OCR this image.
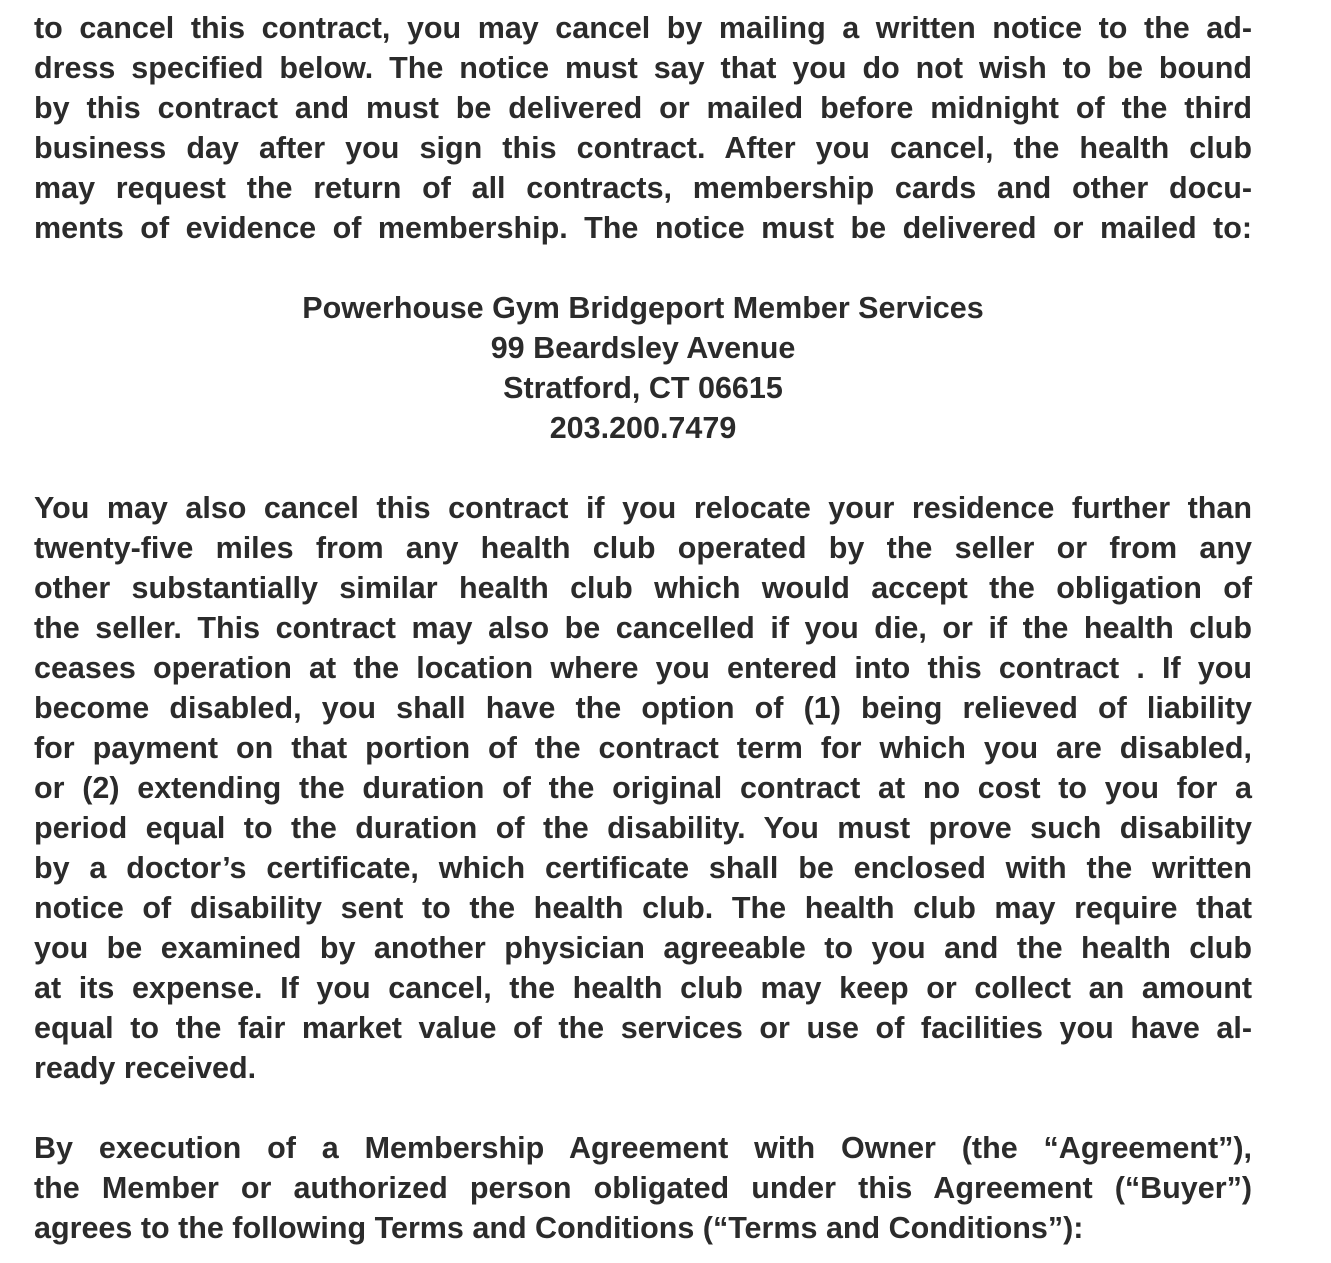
to cancel this contract, you may cancel by mailing a written notice to the ad-
dress specified below. The notice must say that you do not wish to be bound
by this contract and must be delivered or mailed before midnight of the third
business day after you sign this contract. After you cancel, the health club
may request the return of all contracts, membership cards and other docu-
ments of evidence of membership. The notice must be delivered or mailed to:
Powerhouse Gym Bridgeport Member Services
99 Beardsley Avenue
Stratford, CT 06615
203.200.7479
You may also cancel this contract if you relocate your residence further than
twenty-five miles from any health club operated by the seller or from any
other substantially similar health club which would accept the obligation of
the seller. This contract may also be cancelled if you die, or if the health club
ceases operation at the location where you entered into this contract . If you
become disabled, you shall have the option of (1) being relieved of liability
for payment on that portion of the contract term for which you are disabled,
or (2) extending the duration of the original contract at no cost to you for a
period equal to the duration of the disability. You must prove such disability
by a doctor’s certificate, which certificate shall be enclosed with the written
notice of disability sent to the health club. The health club may require that
you be examined by another physician agreeable to you and the health club
at its expense. If you cancel, the health club may keep or collect an amount
equal to the fair market value of the services or use of facilities you have al-
ready received.
By execution of a Membership Agreement with Owner (the “Agreement”),
the Member or authorized person obligated under this Agreement (“Buyer”)
agrees to the following Terms and Conditions (“Terms and Conditions”):
